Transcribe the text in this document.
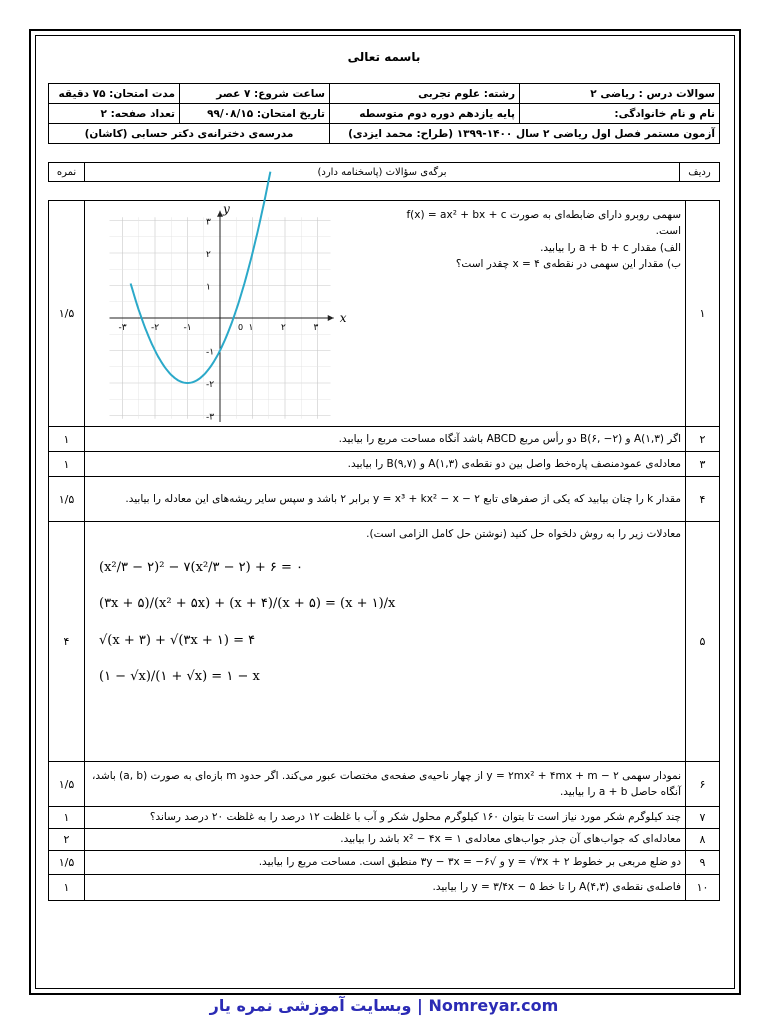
باسمه تعالی
سوالات درس : ریاضی ۲	رشته: علوم تجربی	ساعت شروع: ۷ عصر	مدت امتحان: ۷۵ دقیقه
نام و نام خانوادگی:	پایه یازدهم دوره دوم متوسطه	تاریخ امتحان: ۹۹/۰۸/۱۵	تعداد صفحه: ۲
آزمون مستمر فصل اول ریاضی ۲ سال ۱۴۰۰-۱۳۹۹ (طراح: محمد ایزدی)		مدرسه‌ی دخترانه‌ی دکتر حسابی (کاشان)	
ردیف	برگه‌ی سؤالات (پاسخنامه دارد)	نمره
۱	سهمی روبرو دارای ضابطه‌ای به صورت f(x) = ax² + bx + c
است.
الف) مقدار a + b + c را بیابید.
ب) مقدار این سهمی در نقطه‌ی x = ۴ چقدر است؟	۱/۵
۲	اگر A(۱,۳) و B(۶, −۲) دو رأس مربع ABCD باشد آنگاه مساحت مربع را بیابید.	۱
۳	معادله‌ی عمودمنصف پاره‌خط واصل بین دو نقطه‌ی A(۱,۳) و B(۹,۷) را بیابید.	۱
۴	مقدار k را چنان بیابید که یکی از صفرهای تابع y = x³ + kx² − x − ۲ برابر ۲ باشد و سپس سایر ریشه‌های این معادله را بیابید.	۱/۵
۵	معادلات زیر را به روش دلخواه حل کنید (نوشتن حل کامل الزامی است).
(x²/۳ − ۲)² − ۷(x²/۳ − ۲) + ۶ = ۰
(۳x + ۵)/(x² + ۵x) + (x + ۴)/(x + ۵) = (x + ۱)/x
√(x + ۳) + √(۳x + ۱) = ۴
(۱ − √x)/(۱ + √x) = ۱ − x	۴
۶	نمودار سهمی y = ۲mx² + ۴mx + m − ۲ از چهار ناحیه‌ی صفحه‌ی مختصات عبور می‌کند. اگر حدود m بازه‌ای به صورت (a, b) باشد، آنگاه حاصل a + b را بیابید.	۱/۵
۷	چند کیلوگرم شکر مورد نیاز است تا بتوان ۱۶۰ کیلوگرم محلول شکر و آب با غلظت ۱۲ درصد را به غلظت ۲۰ درصد رساند؟	۱
۸	معادله‌ای که جواب‌های آن جذر جواب‌های معادله‌ی x² − ۴x = ۱ باشد را بیابید.	۲
۹	دو ضلع مربعی بر خطوط y = √۳x + ۲ و √۳y − ۳x = −۶ منطبق است. مساحت مربع را بیابید.	۱/۵
۱۰	فاصله‌ی نقطه‌ی A(۴,۳) را تا خط y = ۳/۴x − ۵ را بیابید.	۱
x
y
-۳	-۲	-۱	۱	۲	۳
۳
۲
۱
-۱
-۲
-۳
0
Nomreyar.com | وبسایت آموزشی نمره یار
